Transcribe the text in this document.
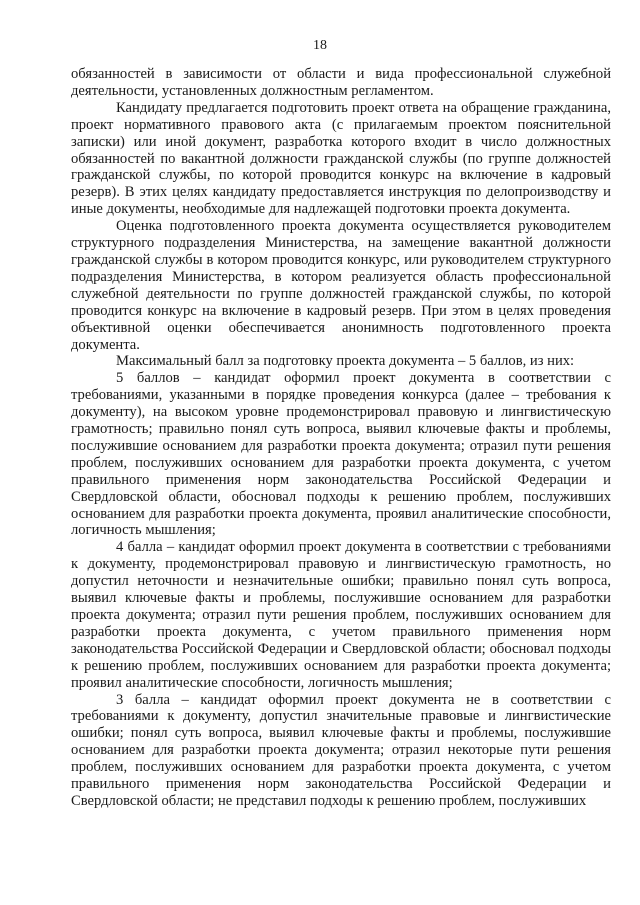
18

обязанностей в зависимости от области и вида профессиональной служебной деятельности, установленных должностным регламентом.

Кандидату предлагается подготовить проект ответа на обращение гражданина, проект нормативного правового акта (с прилагаемым проектом пояснительной записки) или иной документ, разработка которого входит в число должностных обязанностей по вакантной должности гражданской службы (по группе должностей гражданской службы, по которой проводится конкурс на включение в кадровый резерв). В этих целях кандидату предоставляется инструкция по делопроизводству и иные документы, необходимые для надлежащей подготовки проекта документа.

Оценка подготовленного проекта документа осуществляется руководителем структурного подразделения Министерства, на замещение вакантной должности гражданской службы в котором проводится конкурс, или руководителем структурного подразделения Министерства, в котором реализуется область профессиональной служебной деятельности по группе должностей гражданской службы, по которой проводится конкурс на включение в кадровый резерв. При этом в целях проведения объективной оценки обеспечивается анонимность подготовленного проекта документа.

Максимальный балл за подготовку проекта документа – 5 баллов, из них:

5 баллов – кандидат оформил проект документа в соответствии с требованиями, указанными в порядке проведения конкурса (далее – требования к документу), на высоком уровне продемонстрировал правовую и лингвистическую грамотность; правильно понял суть вопроса, выявил ключевые факты и проблемы, послужившие основанием для разработки проекта документа; отразил пути решения проблем, послуживших основанием для разработки проекта документа, с учетом правильного применения норм законодательства Российской Федерации и Свердловской области, обосновал подходы к решению проблем, послуживших основанием для разработки проекта документа, проявил аналитические способности, логичность мышления;

4 балла – кандидат оформил проект документа в соответствии с требованиями к документу, продемонстрировал правовую и лингвистическую грамотность, но допустил неточности и незначительные ошибки; правильно понял суть вопроса, выявил ключевые факты и проблемы, послужившие основанием для разработки проекта документа; отразил пути решения проблем, послуживших основанием для разработки проекта документа, с учетом правильного применения норм законодательства Российской Федерации и Свердловской области; обосновал подходы к решению проблем, послуживших основанием для разработки проекта документа; проявил аналитические способности, логичность мышления;

3 балла – кандидат оформил проект документа не в соответствии с требованиями к документу, допустил значительные правовые и лингвистические ошибки; понял суть вопроса, выявил ключевые факты и проблемы, послужившие основанием для разработки проекта документа; отразил некоторые пути решения проблем, послуживших основанием для разработки проекта документа, с учетом правильного применения норм законодательства Российской Федерации и Свердловской области; не представил подходы к решению проблем, послуживших
